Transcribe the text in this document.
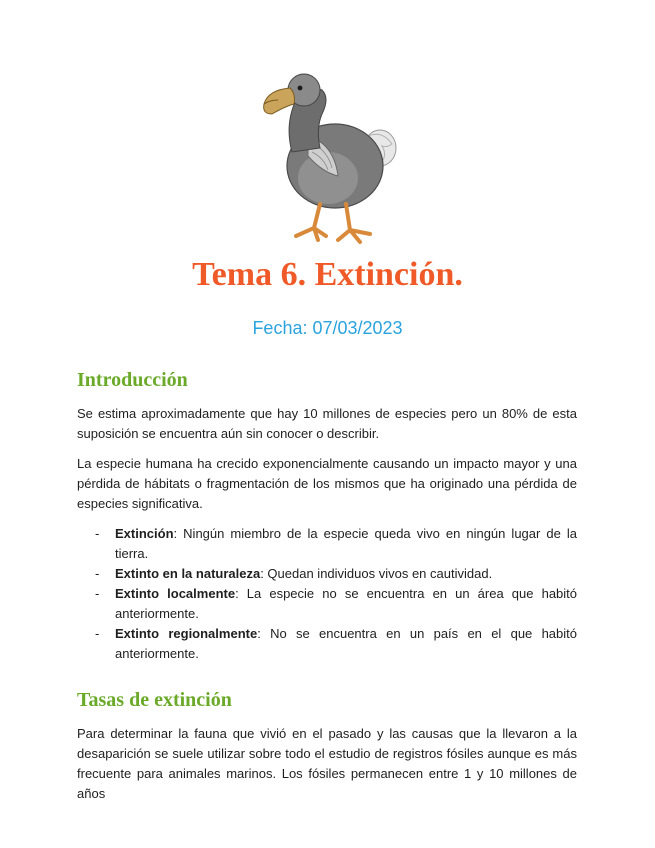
Tema 6. Extinción.

Fecha: 07/03/2023

Introducción

Se estima aproximadamente que hay 10 millones de especies pero un 80% de esta suposición se encuentra aún sin conocer o describir.

La especie humana ha crecido exponencialmente causando un impacto mayor y una pérdida de hábitats o fragmentación de los mismos que ha originado una pérdida de especies significativa.

- Extinción: Ningún miembro de la especie queda vivo en ningún lugar de la tierra.
- Extinto en la naturaleza: Quedan individuos vivos en cautividad.
- Extinto localmente: La especie no se encuentra en un área que habitó anteriormente.
- Extinto regionalmente: No se encuentra en un país en el que habitó anteriormente.
Tasas de extinción

Para determinar la fauna que vivió en el pasado y las causas que la llevaron a la desaparición se suele utilizar sobre todo el estudio de registros fósiles aunque es más frecuente para animales marinos. Los fósiles permanecen entre 1 y 10 millones de años
